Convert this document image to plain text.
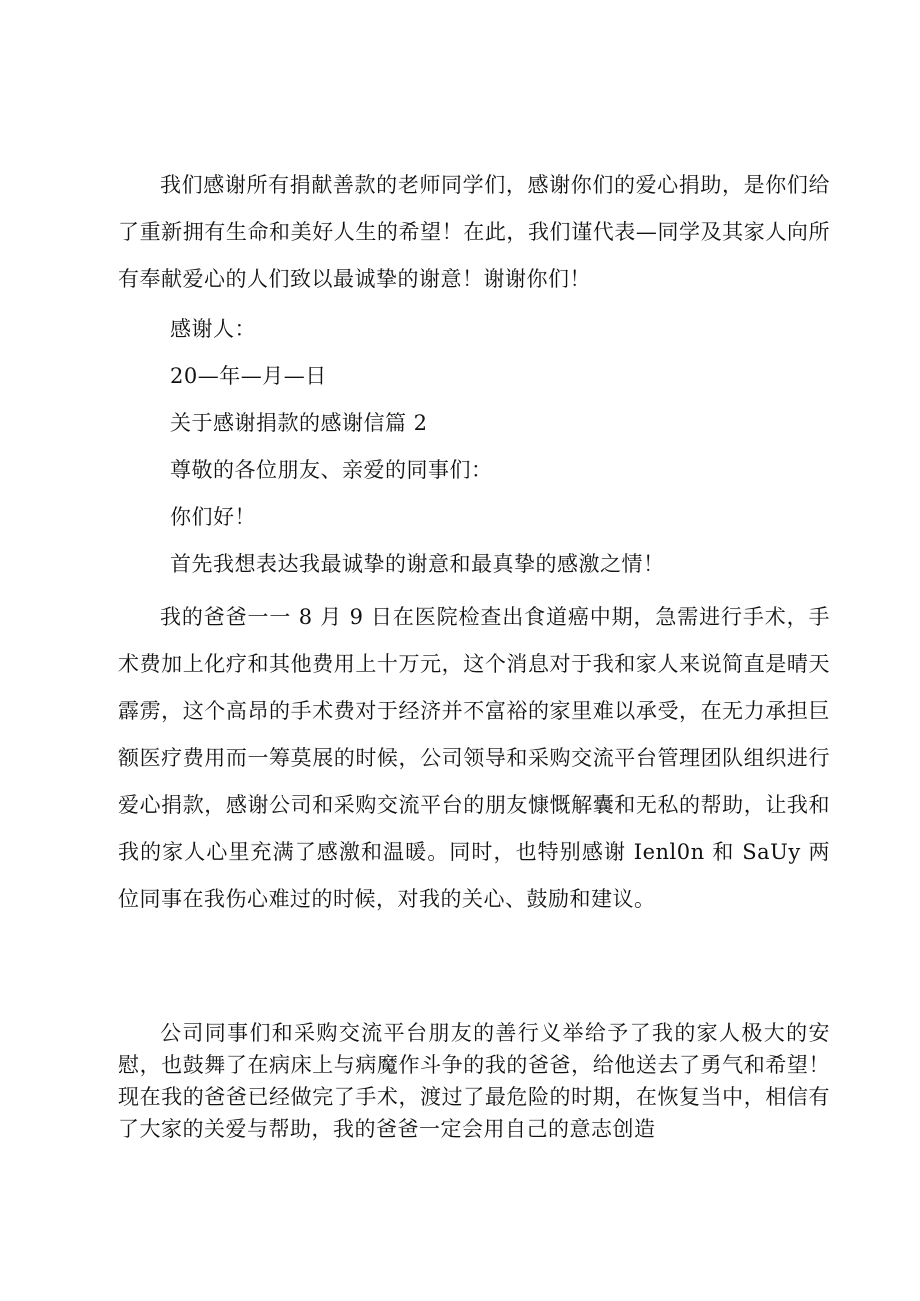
我们感谢所有捐献善款的老师同学们，感谢你们的爱心捐助，是你们给了重新拥有生命和美好人生的希望！在此，我们谨代表—同学及其家人向所有奉献爱心的人们致以最诚挚的谢意！谢谢你们！

感谢人：

20—年—月—日

关于感谢捐款的感谢信篇 2

尊敬的各位朋友、亲爱的同事们：

你们好！

首先我想表达我最诚挚的谢意和最真挚的感激之情！

我的爸爸一一 8 月 9 日在医院检查出食道癌中期，急需进行手术，手术费加上化疗和其他费用上十万元，这个消息对于我和家人来说简直是晴天霹雳，这个高昂的手术费对于经济并不富裕的家里难以承受，在无力承担巨额医疗费用而一筹莫展的时候，公司领导和采购交流平台管理团队组织进行爱心捐款，感谢公司和采购交流平台的朋友慷慨解囊和无私的帮助，让我和我的家人心里充满了感激和温暖。同时，也特别感谢 Ienl0n 和 SaUy 两位同事在我伤心难过的时候，对我的关心、鼓励和建议。

公司同事们和采购交流平台朋友的善行义举给予了我的家人极大的安慰，也鼓舞了在病床上与病魔作斗争的我的爸爸，给他送去了勇气和希望！现在我的爸爸已经做完了手术，渡过了最危险的时期，在恢复当中，相信有了大家的关爱与帮助，我的爸爸一定会用自己的意志创造
